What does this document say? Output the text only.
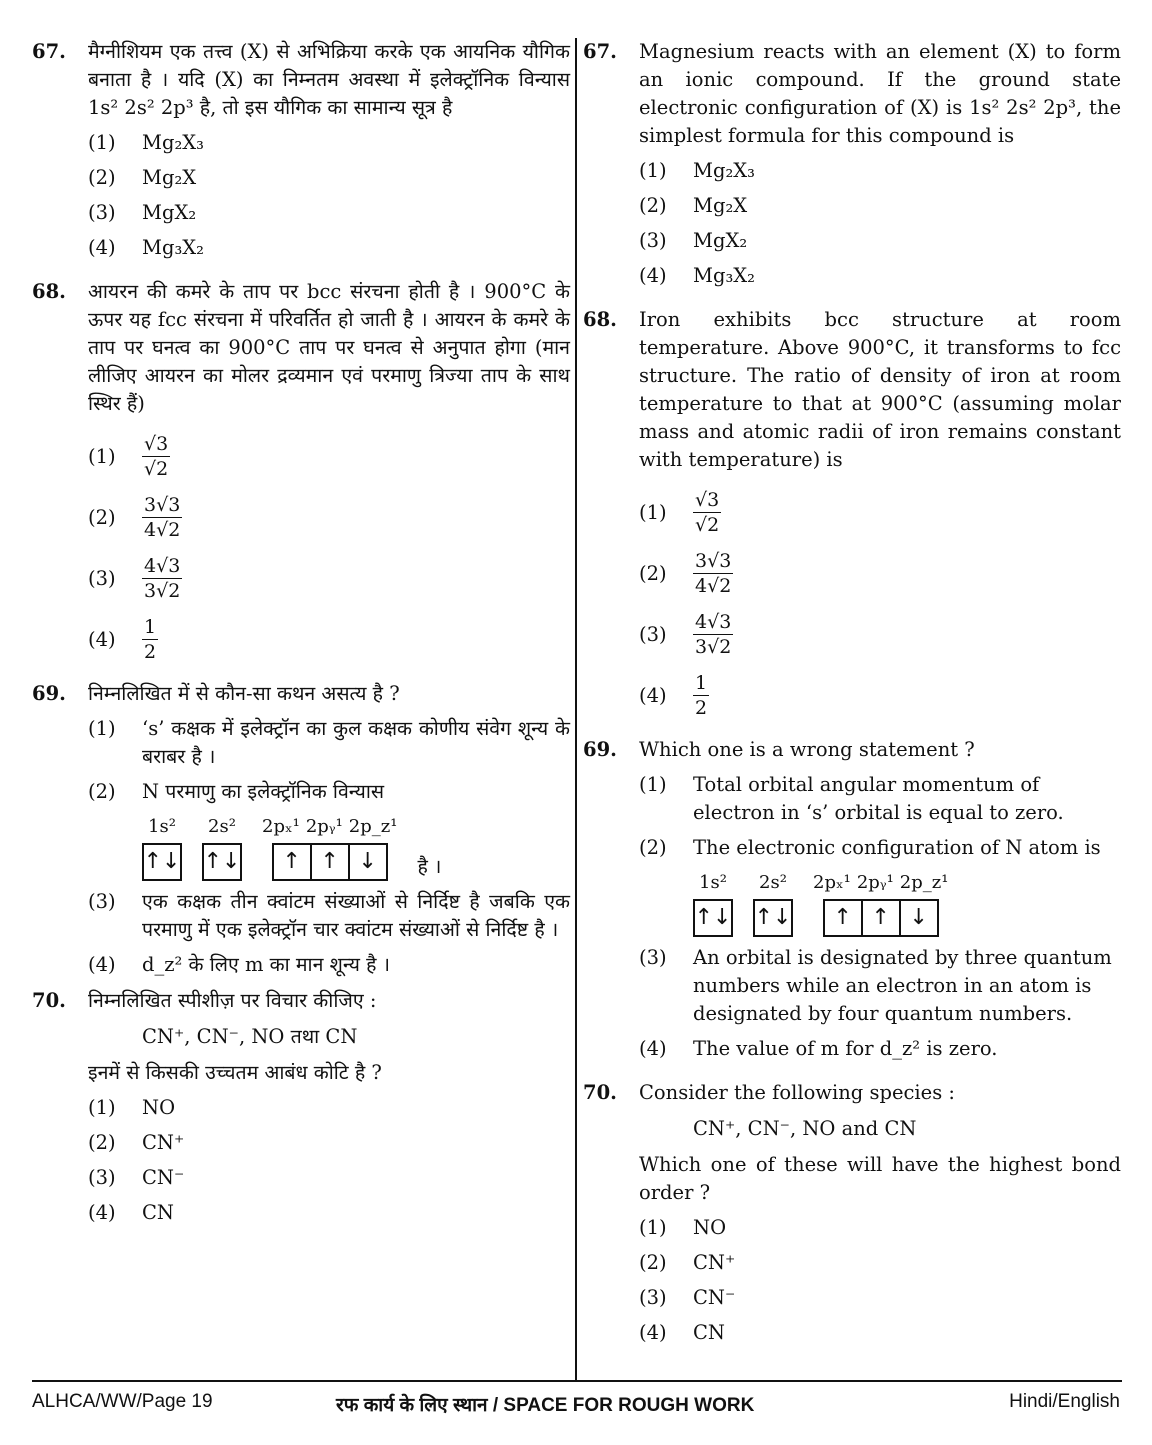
67. मैग्नीशियम एक तत्त्व (X) से अभिक्रिया करके एक आयनिक यौगिक बनाता है । यदि (X) का निम्नतम अवस्था में इलेक्ट्रॉनिक विन्यास 1s² 2s² 2p³ है, तो इस यौगिक का सामान्य सूत्र है
(1)	Mg₂X₃
(2)	Mg₂X
(3)	MgX₂
(4)	Mg₃X₂
68. आयरन की कमरे के ताप पर bcc संरचना होती है । 900°C के ऊपर यह fcc संरचना में परिवर्तित हो जाती है । आयरन के कमरे के ताप पर घनत्व का 900°C ताप पर घनत्व से अनुपात होगा (मान लीजिए आयरन का मोलर द्रव्यमान एवं परमाणु त्रिज्या ताप के साथ स्थिर हैं)
(1)	$\frac{√3}{√2}$
(2)	$\frac{3√3}{4√2}$
(3)	$\frac{4√3}{3√2}$
(4)	$\frac{1}{2}$
69. निम्नलिखित में से कौन-सा कथन असत्य है ?
(1)	‘s’ कक्षक में इलेक्ट्रॉन का कुल कक्षक कोणीय संवेग शून्य के बराबर है ।
(2)	N परमाणु का इलेक्ट्रॉनिक विन्यास
1s²
↑↓
2s²
↑↓
2pₓ¹ 2pᵧ¹ 2p_z¹
↑ ↑ ↓	है ।
(3)	एक कक्षक तीन क्वांटम संख्याओं से निर्दिष्ट है जबकि एक परमाणु में एक इलेक्ट्रॉन चार क्वांटम संख्याओं से निर्दिष्ट है ।
(4)	d_z² के लिए m का मान शून्य है ।
70. निम्नलिखित स्पीशीज़ पर विचार कीजिए :
CN⁺, CN⁻, NO तथा CN
इनमें से किसकी उच्चतम आबंध कोटि है ?
(1)	NO
(2)	CN⁺
(3)	CN⁻
(4)	CN
67. Magnesium reacts with an element (X) to form an ionic compound. If the ground state electronic configuration of (X) is 1s² 2s² 2p³, the simplest formula for this compound is
(1)	Mg₂X₃
(2)	Mg₂X
(3)	MgX₂
(4)	Mg₃X₂
68. Iron exhibits bcc structure at room temperature. Above 900°C, it transforms to fcc structure. The ratio of density of iron at room temperature to that at 900°C (assuming molar mass and atomic radii of iron remains constant with temperature) is
(1)	$\frac{√3}{√2}$
(2)	$\frac{3√3}{4√2}$
(3)	$\frac{4√3}{3√2}$
(4)	$\frac{1}{2}$
69. Which one is a wrong statement ?
(1)	Total orbital angular momentum of electron in ‘s’ orbital is equal to zero.
(2)	The electronic configuration of N atom is
1s²
↑↓
2s²
↑↓
2pₓ¹ 2pᵧ¹ 2p_z¹
↑ ↑ ↓
(3)	An orbital is designated by three quantum numbers while an electron in an atom is designated by four quantum numbers.
(4)	The value of m for d_z² is zero.
70. Consider the following species :
CN⁺, CN⁻, NO and CN
Which one of these will have the highest bond order ?
(1)	NO
(2)	CN⁺
(3)	CN⁻
(4)	CN
ALHCA/WW/Page 19	रफ कार्य के लिए स्थान / SPACE FOR ROUGH WORK	Hindi/English
